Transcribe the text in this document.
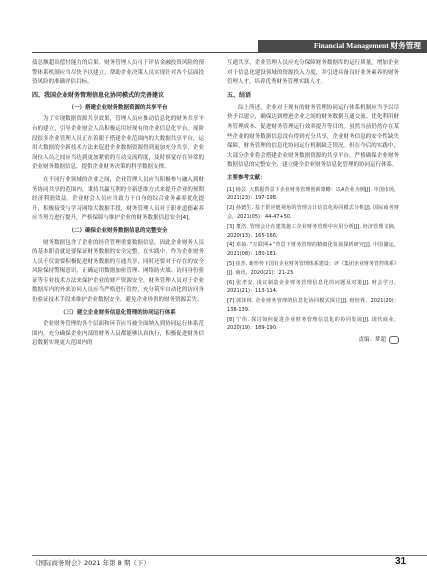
Financial Management 财务管理

债总额超出偿付能力的后果。财务管理人员可于评估金融投资风险的预警体系机制应当尽快予以建立，帮助企业决策人员实现针对各个层面投资风险的准确评估目标。

四、我国企业财务管理信息化协同模式的完善建议
（一）搭建企业财务数据资源的共享平台

为了实现数据资源共享效果，管理人员应推动信息化的财务共享平台的建立，引导企业财会人员积极运用好现有的企业信息化平台。现阶段很多企业管理人员正在着眼于搭建企业范围内的大数据共享平台，运用大数据的全新技术方法来促进企业数据资源得到更加充分共享，企业岗位人员之间应当达到更加紧密的互动交流程度，及时察觉存在异常的企业财务数据信息，提供企业财务决策的科学数据支撑。

在不同行业领域的企业之间，企业管理人员应当积极参与融入到财务协同共享的范围内，秉持共赢互利的全新思维方式来提升企业的预期经济利润效益。企业财会人员应当致力于自身的综合业务素养优化提升，积极接受与学习网络大数据手段，财务管理人员对于职业道德素养应当努力进行提升，严格保障与维护企业的财务数据信息安全[4]。

（二）确保企业财务数据信息的完整安全

财务数据包含了企业的经营管理重要数据信息，因此企业财务人员的基本职责就是要保证财务数据的安全完整。在实践中，作为企业财务人员不仅需要积极促进财务数据的互通共享，同时还要对于存在的安全风险保持警惕意识，正确运用数据加密管理、网络防火墙、访问身份验证等专业技术方法来保护企业的财产资源安全。财务管理人员对于企业数据库内的外来访问人员应当严格进行管控，充分筑牢自动化的访问身份验证技术手段来维护企业数据安全，避免企业珍贵的财务资源丢失。

（三）建立企业财务信息化管理的协同运行体系

企业财务管理的各个层面和环节应当被全面纳入到协同运行体系范围内，充分确保企业内部的财务人员都能够认真执行，积极促进财务信息数据实现更大范围内的

互通共享，企业管理人员应充分保障财务数据库的运行质量。增加企业对于信息化建设领域的资源投入力度，并引进具备良好业务素养的财务管理人才，培养优秀财务管理实践人才。

五、结语

综上所述，企业对于现有的财务管理协同运行体系机制应当予以尽快予以建立，确保达到增进企业之间的财务数据互通交流、优化利用财务管理成本、促进财务管理运行效率提升等目的。虽然当前仍然存在某些企业的财务数据信息没有得到充分共享，企业财务信息的安全性缺失保障，财务管理的信息化协同运行机制缺乏情况。但在今后的实践中，大部分企业将会搭建企业财务数据资源的共享平台，严格确保企业财务数据信息的完整安全，建立健全企业财务信息化管理的协同运行体系。

主要参考文献：
[1] 杨芸. 大数据背景下企业财务管理创新策略：以A企业为例[J]. 中国市场，2021(23)：197-198.
[2] 孙德生. 基于供应链视角的管理会计信息化协同模式分析[J]. 国际商务财会，2021(05)：44-47+50.
[3] 董浩. 管理会计在建筑施工企业财务管理中应用分析[J]. 经济管理文摘，2020(13)：165-166.
[4] 邓茹. “互联网+”背景下财务管理的精细化发展探析研究[J]. 中国储运，2021(08)：180-181.
[5] 崔杰. 新形势下国有企业财务管理体系建设：评《集团企业财务管控体系》[J]. 商讯，2020(21)：21-23.
[6] 张孝安. 浅议制造企业财务管理信息化的问题及对策[J]. 财会学习，2021(21)：113-114.
[7] 郭泽林. 企业财务管理的信息化协同模式探讨[J]. 财经界，2021(20)：138-139.
[8] 宁伟. 探讨如何促进企业财务管理信息化的协同发展[J]. 现代商业，2020(19)：189-190.
责编：梦超
《国际商务财会》2021 年第 8 期（下）	31
